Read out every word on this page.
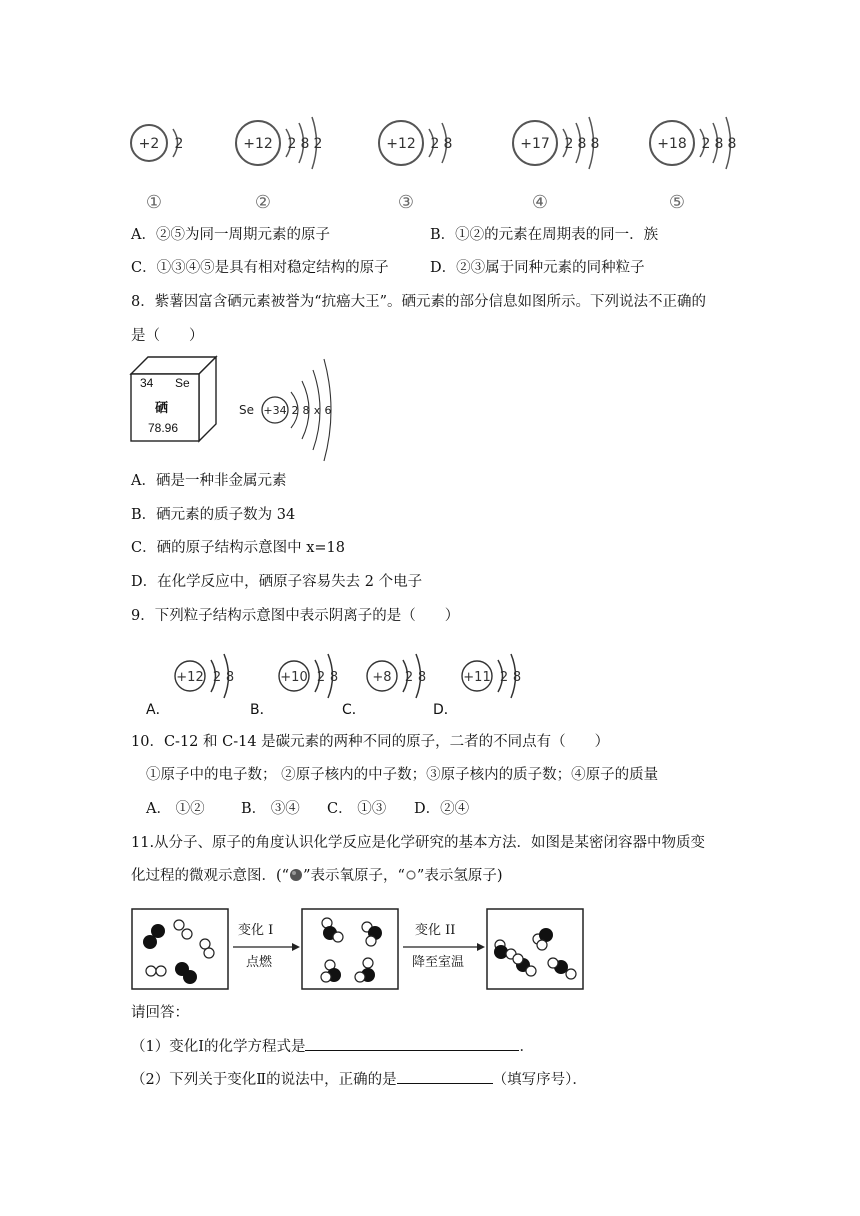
+2 2
①
+12 2 8 2
②
+12 2 8
③
+17 2 8 8
④
+18 2 8 8
⑤
A．②⑤为同一周期元素的原子	B．①②的元素在周期表的同一．族
C．①③④⑤是具有相对稳定结构的原子	D．②③属于同种元素的同种粒子
8．紫薯因富含硒元素被誉为“抗癌大王”。硒元素的部分信息如图所示。下列说法不正确的
是（　　）
34 Se
硒
78.96
Se +34 2 8 x 6
A．硒是一种非金属元素
B．硒元素的质子数为 34
C．硒的原子结构示意图中 x=18
D．在化学反应中，硒原子容易失去 2 个电子
9．下列粒子结构示意图中表示阴离子的是（　　）
+12 2 8
A．
+10 2 8
B．
+8 2 8
C．
+11 2 8
D．
10．C-12 和 C-14 是碳元素的两种不同的原子，二者的不同点有（　　）
①原子中的电子数； ②原子核内的中子数；③原子核内的质子数；④原子的质量
A． ①②	B． ③④ C． ①③ D．②④
11.从分子、原子的角度认识化学反应是化学研究的基本方法．如图是某密闭容器中物质变
化过程的微观示意图．(“ ”表示氧原子，“ ”表示氢原子)
变化 I
点燃
变化 II
降至室温
请回答：
（1）变化Ⅰ的化学方程式是	．
（2）下列关于变化Ⅱ的说法中，正确的是	（填写序号）．
